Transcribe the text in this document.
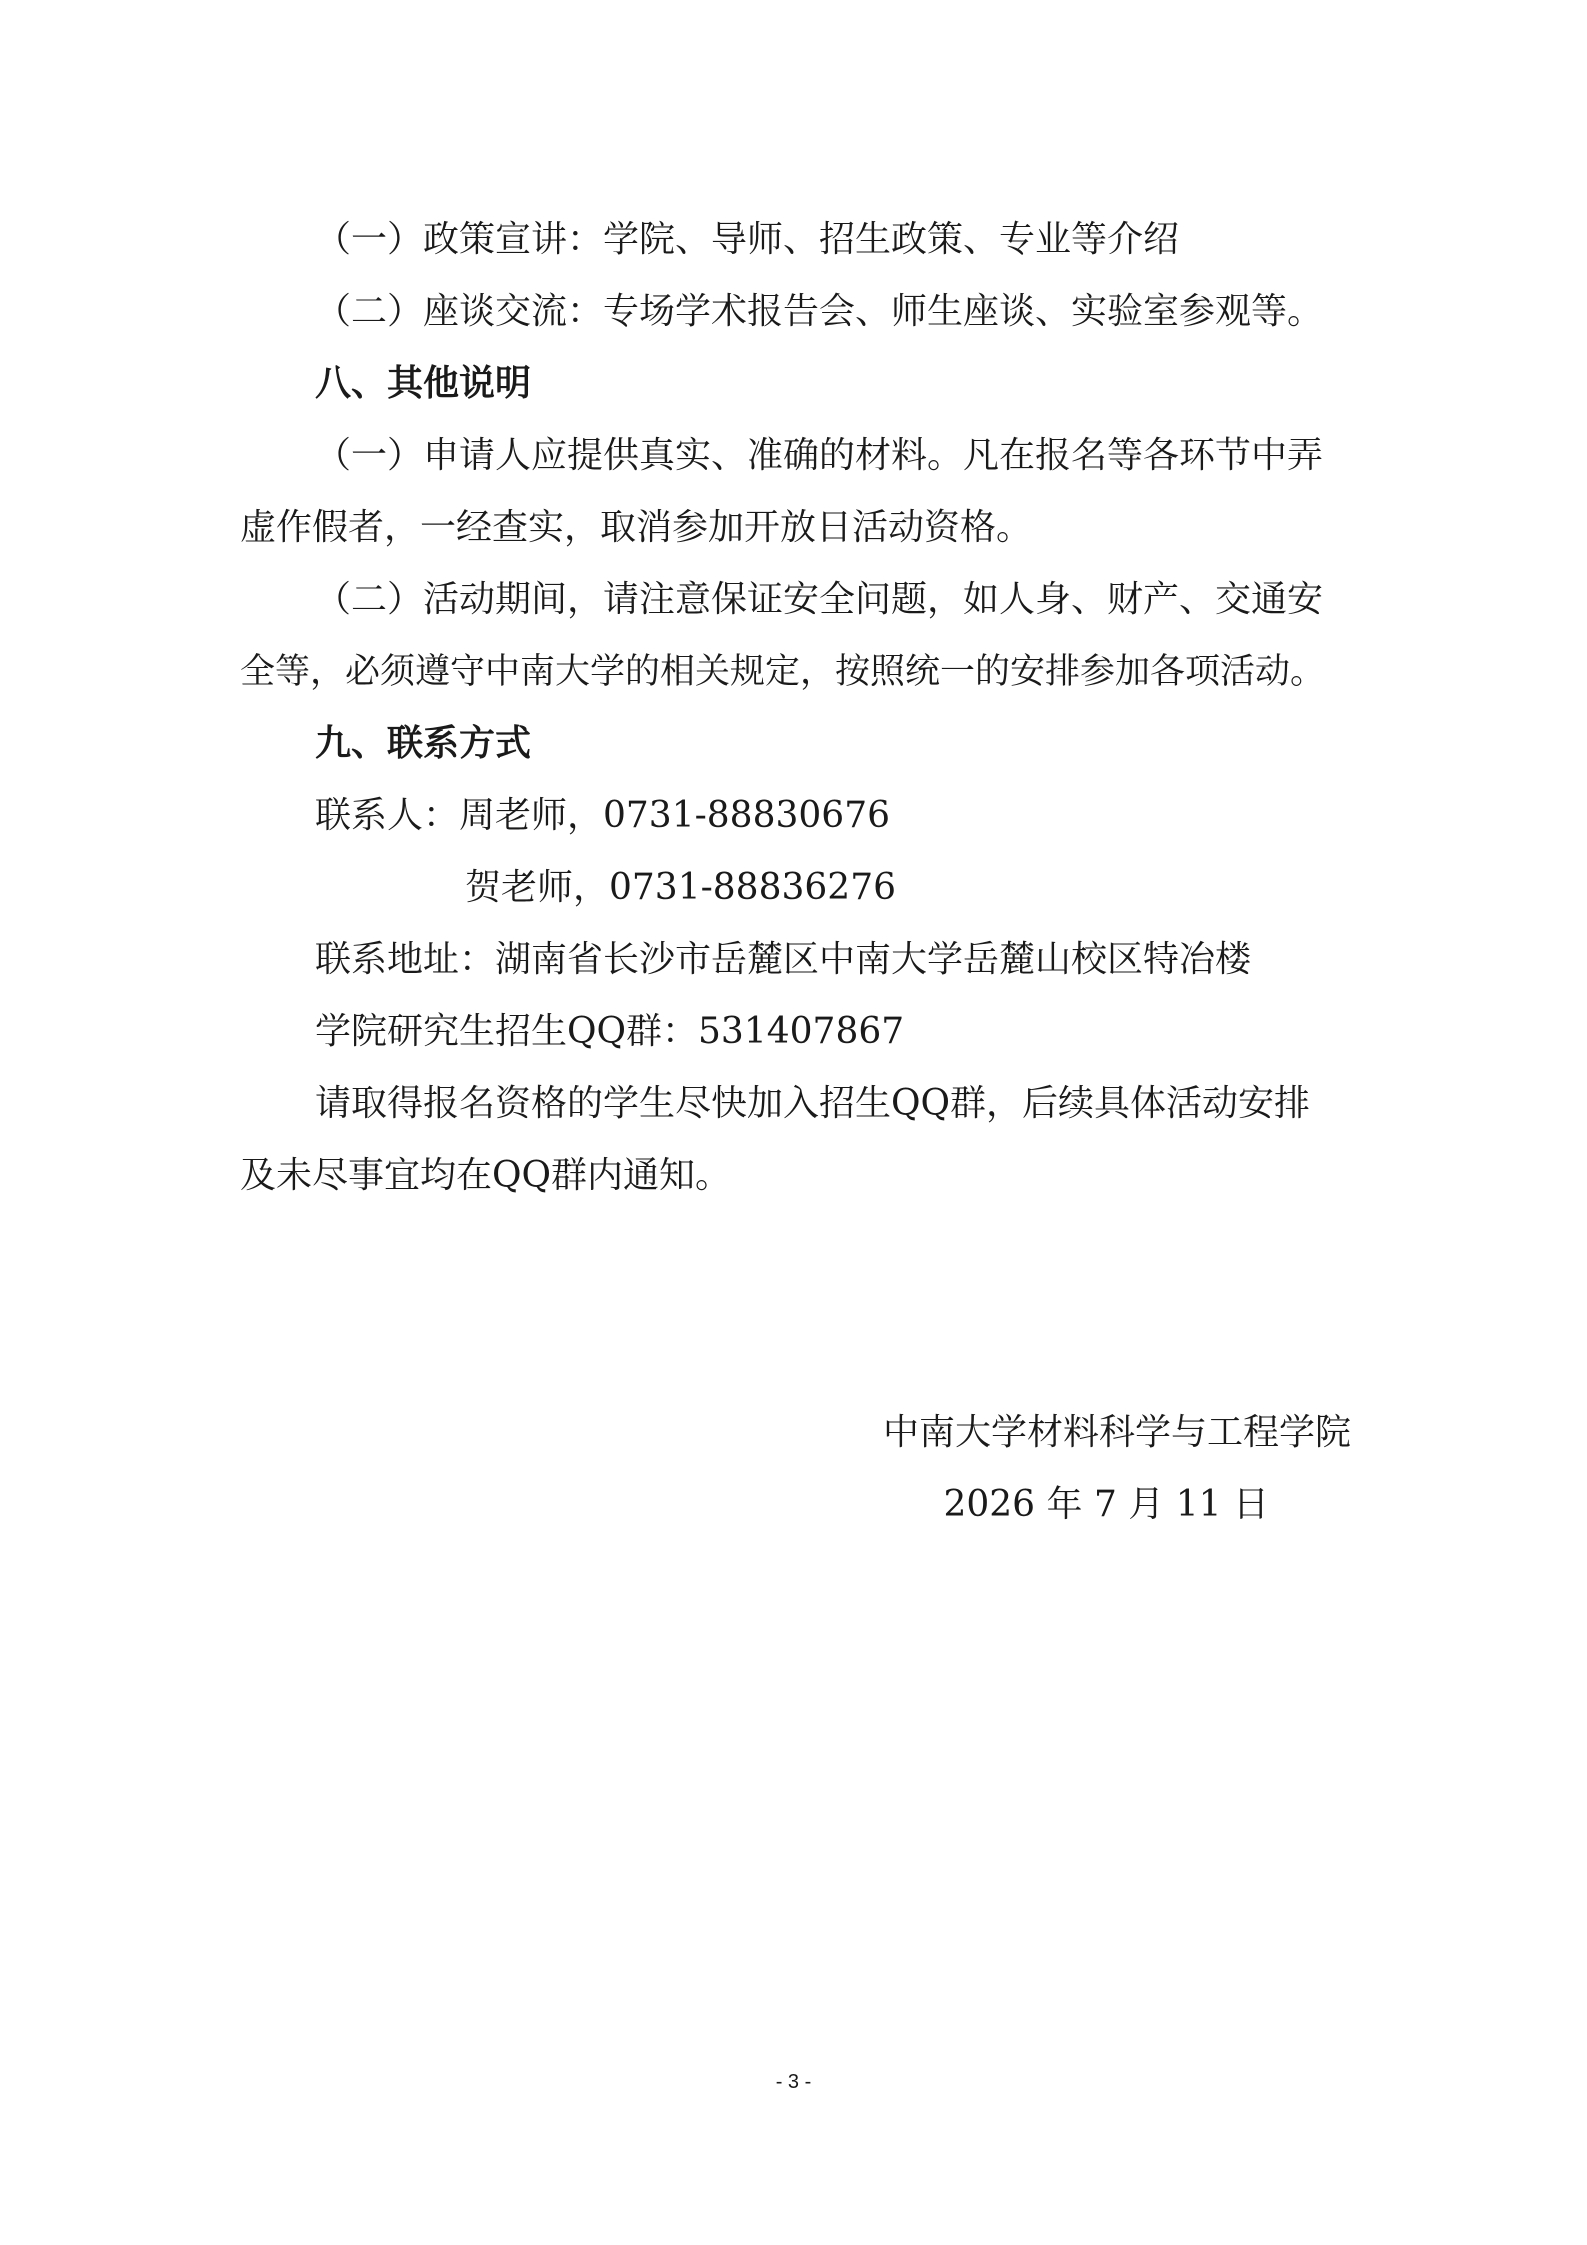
（一）政策宣讲：学院、导师、招生政策、专业等介绍
（二）座谈交流：专场学术报告会、师生座谈、实验室参观等。
八、其他说明
（一）申请人应提供真实、准确的材料。凡在报名等各环节中弄
虚作假者，一经查实，取消参加开放日活动资格。
（二）活动期间，请注意保证安全问题，如人身、财产、交通安
全等，必须遵守中南大学的相关规定，按照统一的安排参加各项活动。
九、联系方式
联系人：周老师，0731-88830676
贺老师，0731-88836276
联系地址：湖南省长沙市岳麓区中南大学岳麓山校区特冶楼
学院研究生招生QQ群：531407867
请取得报名资格的学生尽快加入招生QQ群，后续具体活动安排
及未尽事宜均在QQ群内通知。
中南大学材料科学与工程学院
2026 年 7 月 11 日
- 3 -
